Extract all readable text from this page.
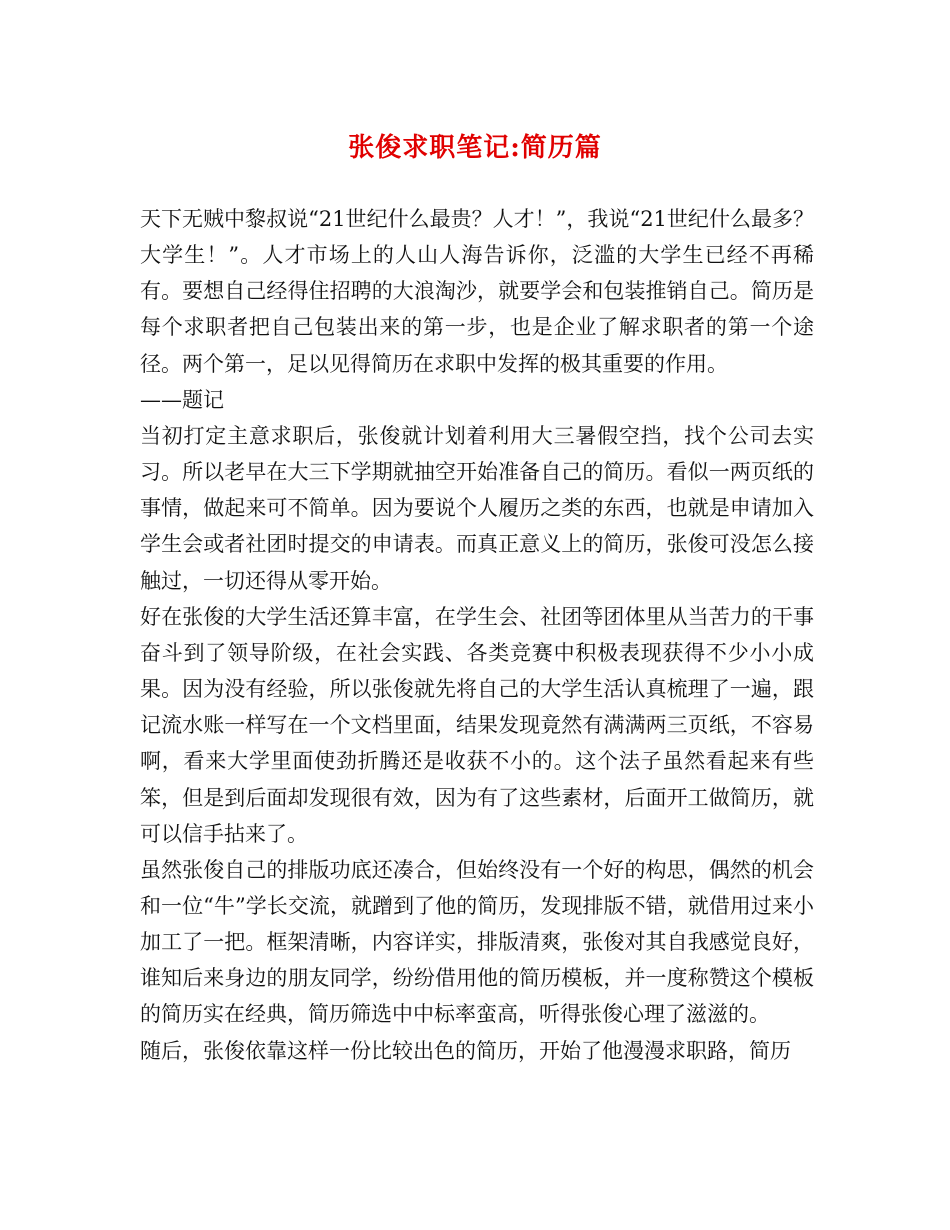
张俊求职笔记:简历篇

天下无贼中黎叔说“21世纪什么最贵？人才！”，我说“21世纪什么最多？大学生！”。人才市场上的人山人海告诉你，泛滥的大学生已经不再稀有。要想自己经得住招聘的大浪淘沙，就要学会和包装推销自己。简历是每个求职者把自己包装出来的第一步，也是企业了解求职者的第一个途径。两个第一，足以见得简历在求职中发挥的极其重要的作用。

——题记

当初打定主意求职后，张俊就计划着利用大三暑假空挡，找个公司去实习。所以老早在大三下学期就抽空开始准备自己的简历。看似一两页纸的事情，做起来可不简单。因为要说个人履历之类的东西，也就是申请加入学生会或者社团时提交的申请表。而真正意义上的简历，张俊可没怎么接触过，一切还得从零开始。

好在张俊的大学生活还算丰富，在学生会、社团等团体里从当苦力的干事奋斗到了领导阶级，在社会实践、各类竞赛中积极表现获得不少小小成果。因为没有经验，所以张俊就先将自己的大学生活认真梳理了一遍，跟记流水账一样写在一个文档里面，结果发现竟然有满满两三页纸，不容易啊，看来大学里面使劲折腾还是收获不小的。这个法子虽然看起来有些笨，但是到后面却发现很有效，因为有了这些素材，后面开工做简历，就可以信手拈来了。

虽然张俊自己的排版功底还凑合，但始终没有一个好的构思，偶然的机会和一位“牛”学长交流，就蹭到了他的简历，发现排版不错，就借用过来小加工了一把。框架清晰，内容详实，排版清爽，张俊对其自我感觉良好，谁知后来身边的朋友同学，纷纷借用他的简历模板，并一度称赞这个模板的简历实在经典，简历筛选中中标率蛮高，听得张俊心理了滋滋的。

随后，张俊依靠这样一份比较出色的简历，开始了他漫漫求职路，简历
